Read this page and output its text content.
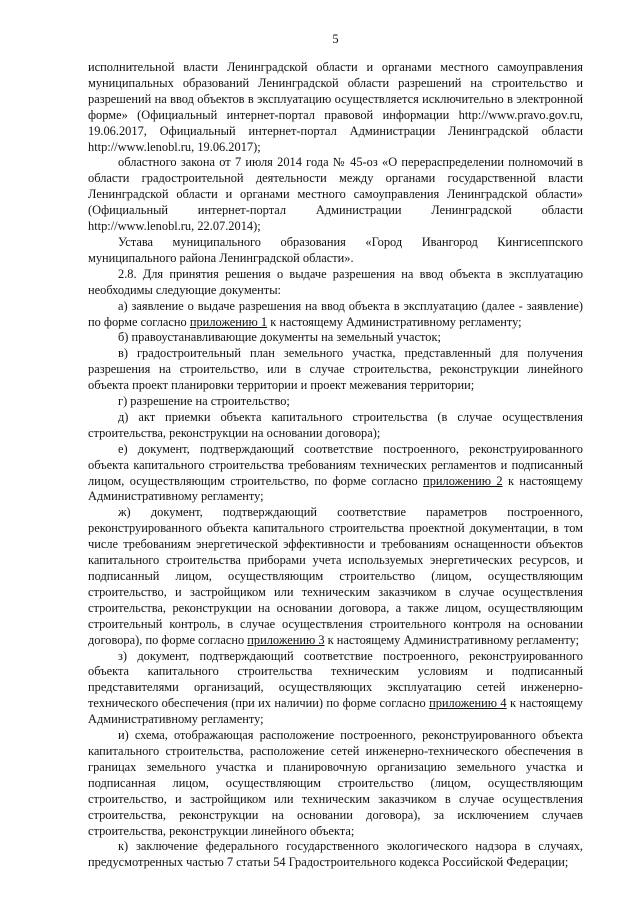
5

исполнительной власти Ленинградской области и органами местного самоуправления муниципальных образований Ленинградской области разрешений на строительство и разрешений на ввод объектов в эксплуатацию осуществляется исключительно в электронной форме» (Официальный интернет-портал правовой информации http://www.pravo.gov.ru, 19.06.2017, Официальный интернет-портал Администрации Ленинградской области http://www.lenobl.ru, 19.06.2017);

областного закона от 7 июля 2014 года № 45-оз «О перераспределении полномочий в области градостроительной деятельности между органами государственной власти Ленинградской области и органами местного самоуправления Ленинградской области» (Официальный интернет-портал Администрации Ленинградской области http://www.lenobl.ru, 22.07.2014);

Устава муниципального образования «Город Ивангород Кингисеппского муниципального района Ленинградской области».

2.8. Для принятия решения о выдаче разрешения на ввод объекта в эксплуатацию необходимы следующие документы:

а) заявление о выдаче разрешения на ввод объекта в эксплуатацию (далее - заявление) по форме согласно приложению 1 к настоящему Административному регламенту;

б) правоустанавливающие документы на земельный участок;

в) градостроительный план земельного участка, представленный для получения разрешения на строительство, или в случае строительства, реконструкции линейного объекта проект планировки территории и проект межевания территории;

г) разрешение на строительство;

д) акт приемки объекта капитального строительства (в случае осуществления строительства, реконструкции на основании договора);

е) документ, подтверждающий соответствие построенного, реконструированного объекта капитального строительства требованиям технических регламентов и подписанный лицом, осуществляющим строительство, по форме согласно приложению 2 к настоящему Административному регламенту;

ж) документ, подтверждающий соответствие параметров построенного, реконструированного объекта капитального строительства проектной документации, в том числе требованиям энергетической эффективности и требованиям оснащенности объектов капитального строительства приборами учета используемых энергетических ресурсов, и подписанный лицом, осуществляющим строительство (лицом, осуществляющим строительство, и застройщиком или техническим заказчиком в случае осуществления строительства, реконструкции на основании договора, а также лицом, осуществляющим строительный контроль, в случае осуществления строительного контроля на основании договора), по форме согласно приложению 3 к настоящему Административному регламенту;

з) документ, подтверждающий соответствие построенного, реконструированного объекта капитального строительства техническим условиям и подписанный представителями организаций, осуществляющих эксплуатацию сетей инженерно-технического обеспечения (при их наличии) по форме согласно приложению 4 к настоящему Административному регламенту;

и) схема, отображающая расположение построенного, реконструированного объекта капитального строительства, расположение сетей инженерно-технического обеспечения в границах земельного участка и планировочную организацию земельного участка и подписанная лицом, осуществляющим строительство (лицом, осуществляющим строительство, и застройщиком или техническим заказчиком в случае осуществления строительства, реконструкции на основании договора), за исключением случаев строительства, реконструкции линейного объекта;

к) заключение федерального государственного экологического надзора в случаях, предусмотренных частью 7 статьи 54 Градостроительного кодекса Российской Федерации;
